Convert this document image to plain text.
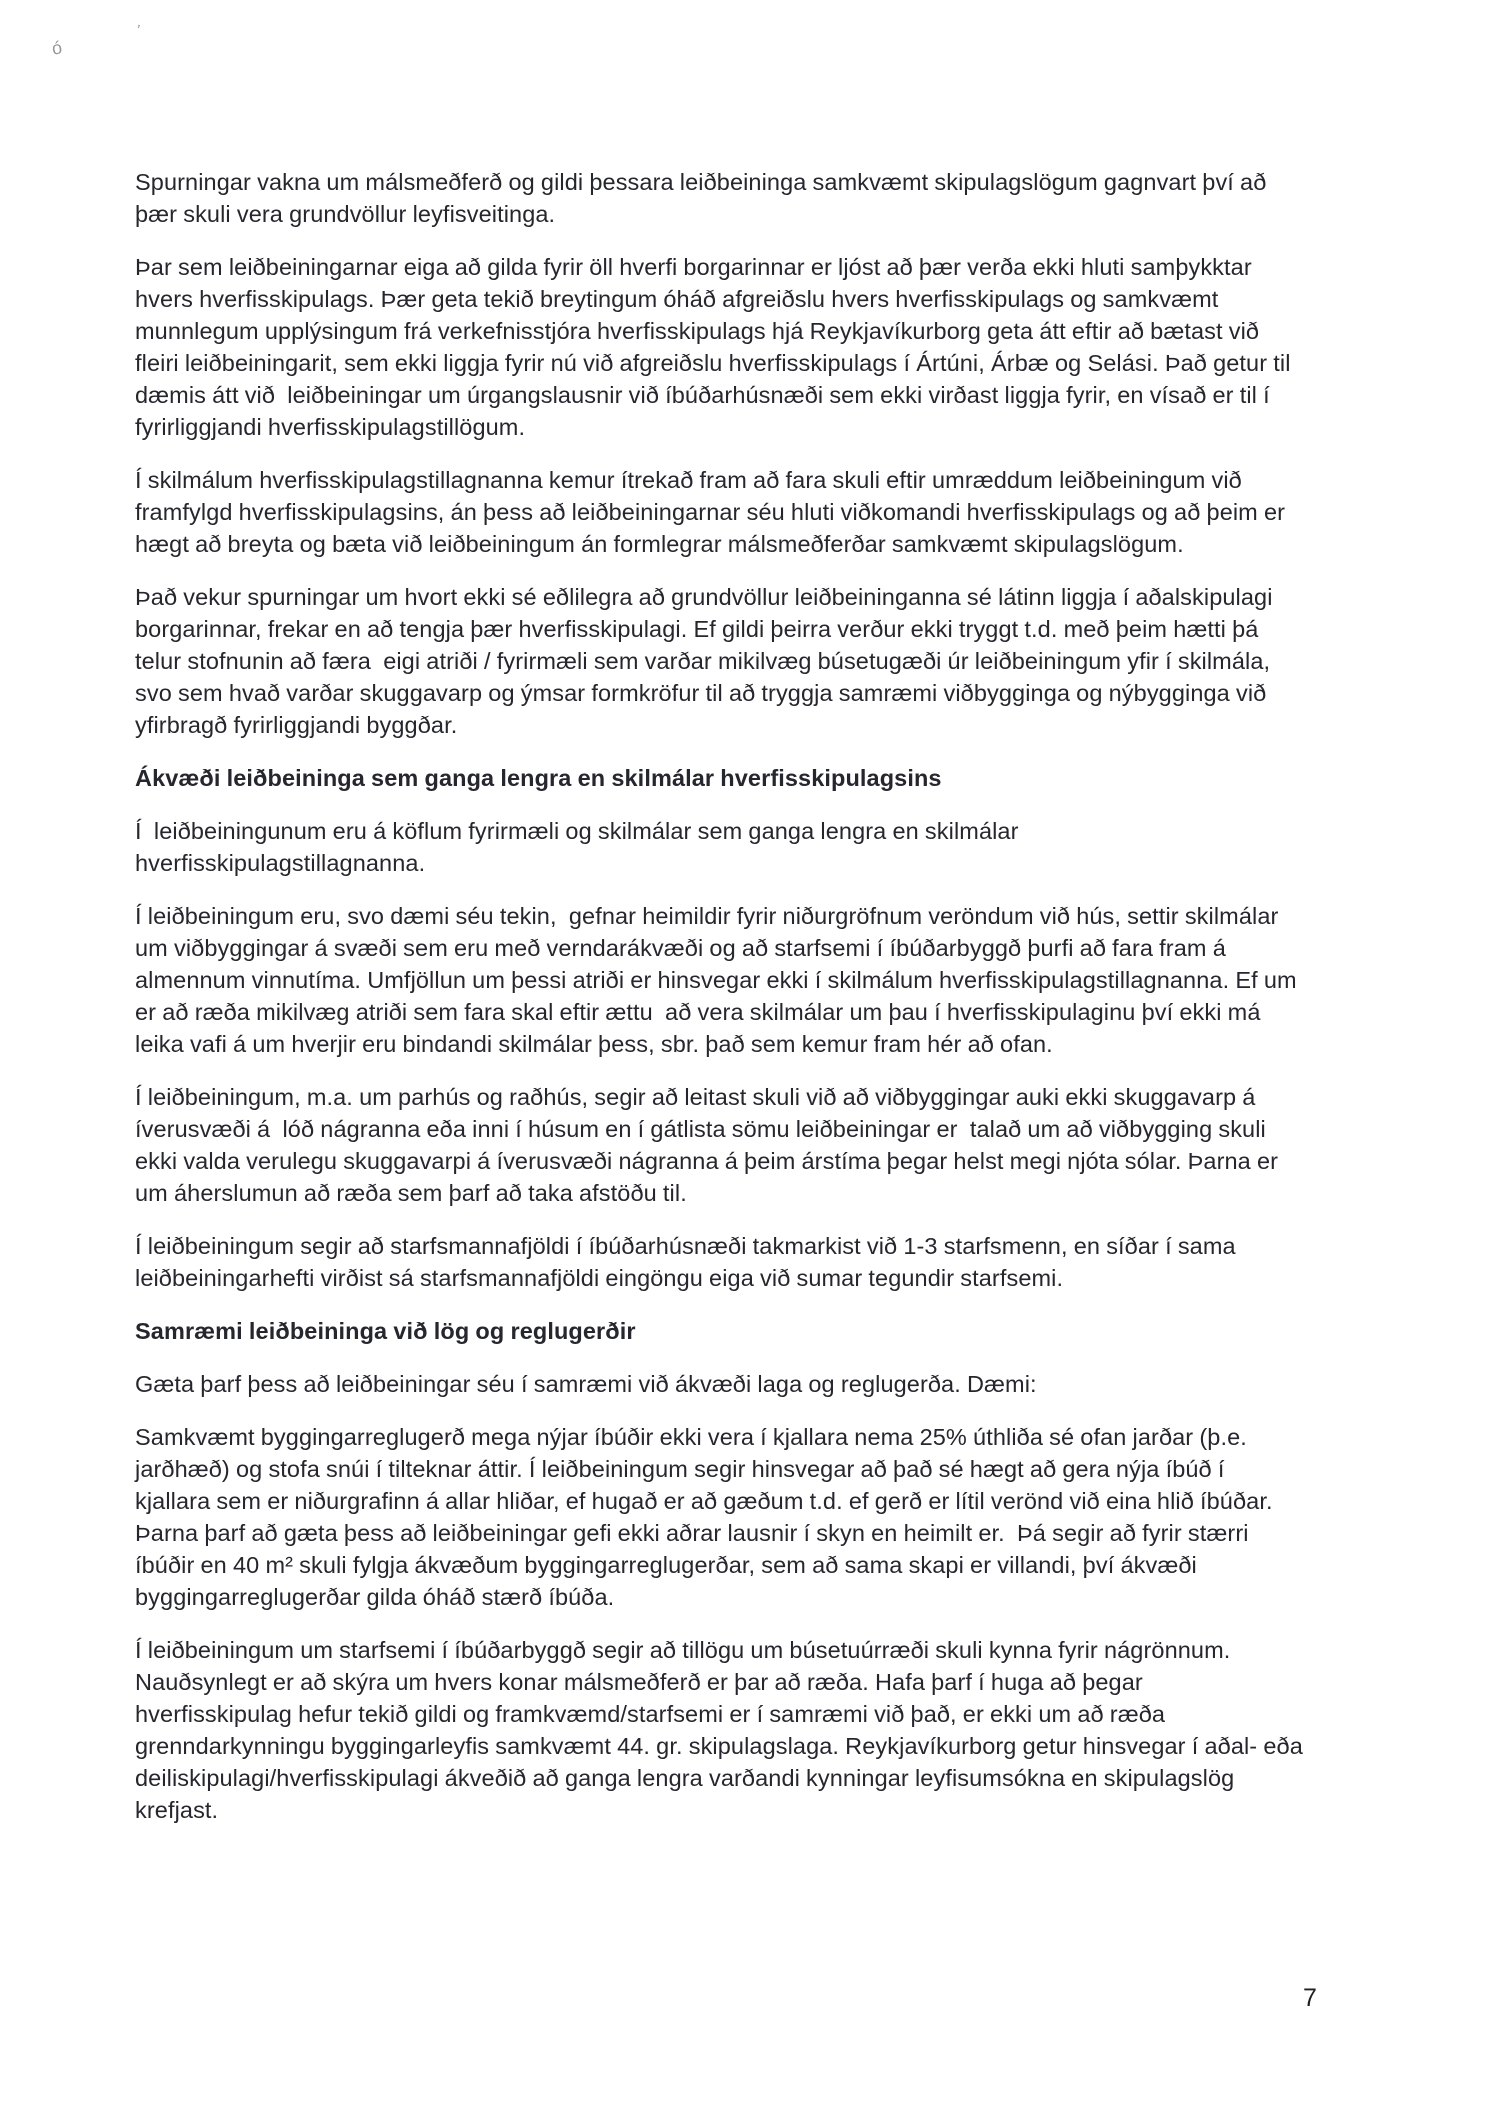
ó
’

Spurningar vakna um málsmeðferð og gildi þessara leiðbeininga samkvæmt skipulagslögum gagnvart því að þær skuli vera grundvöllur leyfisveitinga.

Þar sem leiðbeiningarnar eiga að gilda fyrir öll hverfi borgarinnar er ljóst að þær verða ekki hluti samþykktar hvers hverfisskipulags. Þær geta tekið breytingum óháð afgreiðslu hvers hverfisskipulags og samkvæmt munnlegum upplýsingum frá verkefnisstjóra hverfisskipulags hjá Reykjavíkurborg geta átt eftir að bætast við fleiri leiðbeiningarit, sem ekki liggja fyrir nú við afgreiðslu hverfisskipulags í Ártúni, Árbæ og Selási. Það getur til dæmis átt við  leiðbeiningar um úrgangslausnir við íbúðarhúsnæði sem ekki virðast liggja fyrir, en vísað er til í fyrirliggjandi hverfisskipulagstillögum.

Í skilmálum hverfisskipulagstillagnanna kemur ítrekað fram að fara skuli eftir umræddum leiðbeiningum við framfylgd hverfisskipulagsins, án þess að leiðbeiningarnar séu hluti viðkomandi hverfisskipulags og að þeim er hægt að breyta og bæta við leiðbeiningum án formlegrar málsmeðferðar samkvæmt skipulagslögum.

Það vekur spurningar um hvort ekki sé eðlilegra að grundvöllur leiðbeininganna sé látinn liggja í aðalskipulagi borgarinnar, frekar en að tengja þær hverfisskipulagi. Ef gildi þeirra verður ekki tryggt t.d. með þeim hætti þá telur stofnunin að færa  eigi atriði / fyrirmæli sem varðar mikilvæg búsetugæði úr leiðbeiningum yfir í skilmála, svo sem hvað varðar skuggavarp og ýmsar formkröfur til að tryggja samræmi viðbygginga og nýbygginga við yfirbragð fyrirliggjandi byggðar.

Ákvæði leiðbeininga sem ganga lengra en skilmálar hverfisskipulagsins

Í  leiðbeiningunum eru á köflum fyrirmæli og skilmálar sem ganga lengra en skilmálar hverfisskipulagstillagnanna.

Í leiðbeiningum eru, svo dæmi séu tekin,  gefnar heimildir fyrir niðurgröfnum veröndum við hús, settir skilmálar um viðbyggingar á svæði sem eru með verndarákvæði og að starfsemi í íbúðarbyggð þurfi að fara fram á almennum vinnutíma. Umfjöllun um þessi atriði er hinsvegar ekki í skilmálum hverfisskipulagstillagnanna. Ef um er að ræða mikilvæg atriði sem fara skal eftir ættu  að vera skilmálar um þau í hverfisskipulaginu því ekki má leika vafi á um hverjir eru bindandi skilmálar þess, sbr. það sem kemur fram hér að ofan.

Í leiðbeiningum, m.a. um parhús og raðhús, segir að leitast skuli við að viðbyggingar auki ekki skuggavarp á íverusvæði á  lóð nágranna eða inni í húsum en í gátlista sömu leiðbeiningar er  talað um að viðbygging skuli ekki valda verulegu skuggavarpi á íverusvæði nágranna á þeim árstíma þegar helst megi njóta sólar. Þarna er um áherslumun að ræða sem þarf að taka afstöðu til.

Í leiðbeiningum segir að starfsmannafjöldi í íbúðarhúsnæði takmarkist við 1-3 starfsmenn, en síðar í sama leiðbeiningarhefti virðist sá starfsmannafjöldi eingöngu eiga við sumar tegundir starfsemi.

Samræmi leiðbeininga við lög og reglugerðir

Gæta þarf þess að leiðbeiningar séu í samræmi við ákvæði laga og reglugerða. Dæmi:

Samkvæmt byggingarreglugerð mega nýjar íbúðir ekki vera í kjallara nema 25% úthliða sé ofan jarðar (þ.e. jarðhæð) og stofa snúi í tilteknar áttir. Í leiðbeiningum segir hinsvegar að það sé hægt að gera nýja íbúð í kjallara sem er niðurgrafinn á allar hliðar, ef hugað er að gæðum t.d. ef gerð er lítil verönd við eina hlið íbúðar. Þarna þarf að gæta þess að leiðbeiningar gefi ekki aðrar lausnir í skyn en heimilt er.  Þá segir að fyrir stærri íbúðir en 40 m² skuli fylgja ákvæðum byggingarreglugerðar, sem að sama skapi er villandi, því ákvæði byggingarreglugerðar gilda óháð stærð íbúða.

Í leiðbeiningum um starfsemi í íbúðarbyggð segir að tillögu um búsetuúrræði skuli kynna fyrir nágrönnum. Nauðsynlegt er að skýra um hvers konar málsmeðferð er þar að ræða. Hafa þarf í huga að þegar hverfisskipulag hefur tekið gildi og framkvæmd/starfsemi er í samræmi við það, er ekki um að ræða grenndarkynningu byggingarleyfis samkvæmt 44. gr. skipulagslaga. Reykjavíkurborg getur hinsvegar í aðal- eða deiliskipulagi/hverfisskipulagi ákveðið að ganga lengra varðandi kynningar leyfisumsókna en skipulagslög krefjast.

7
